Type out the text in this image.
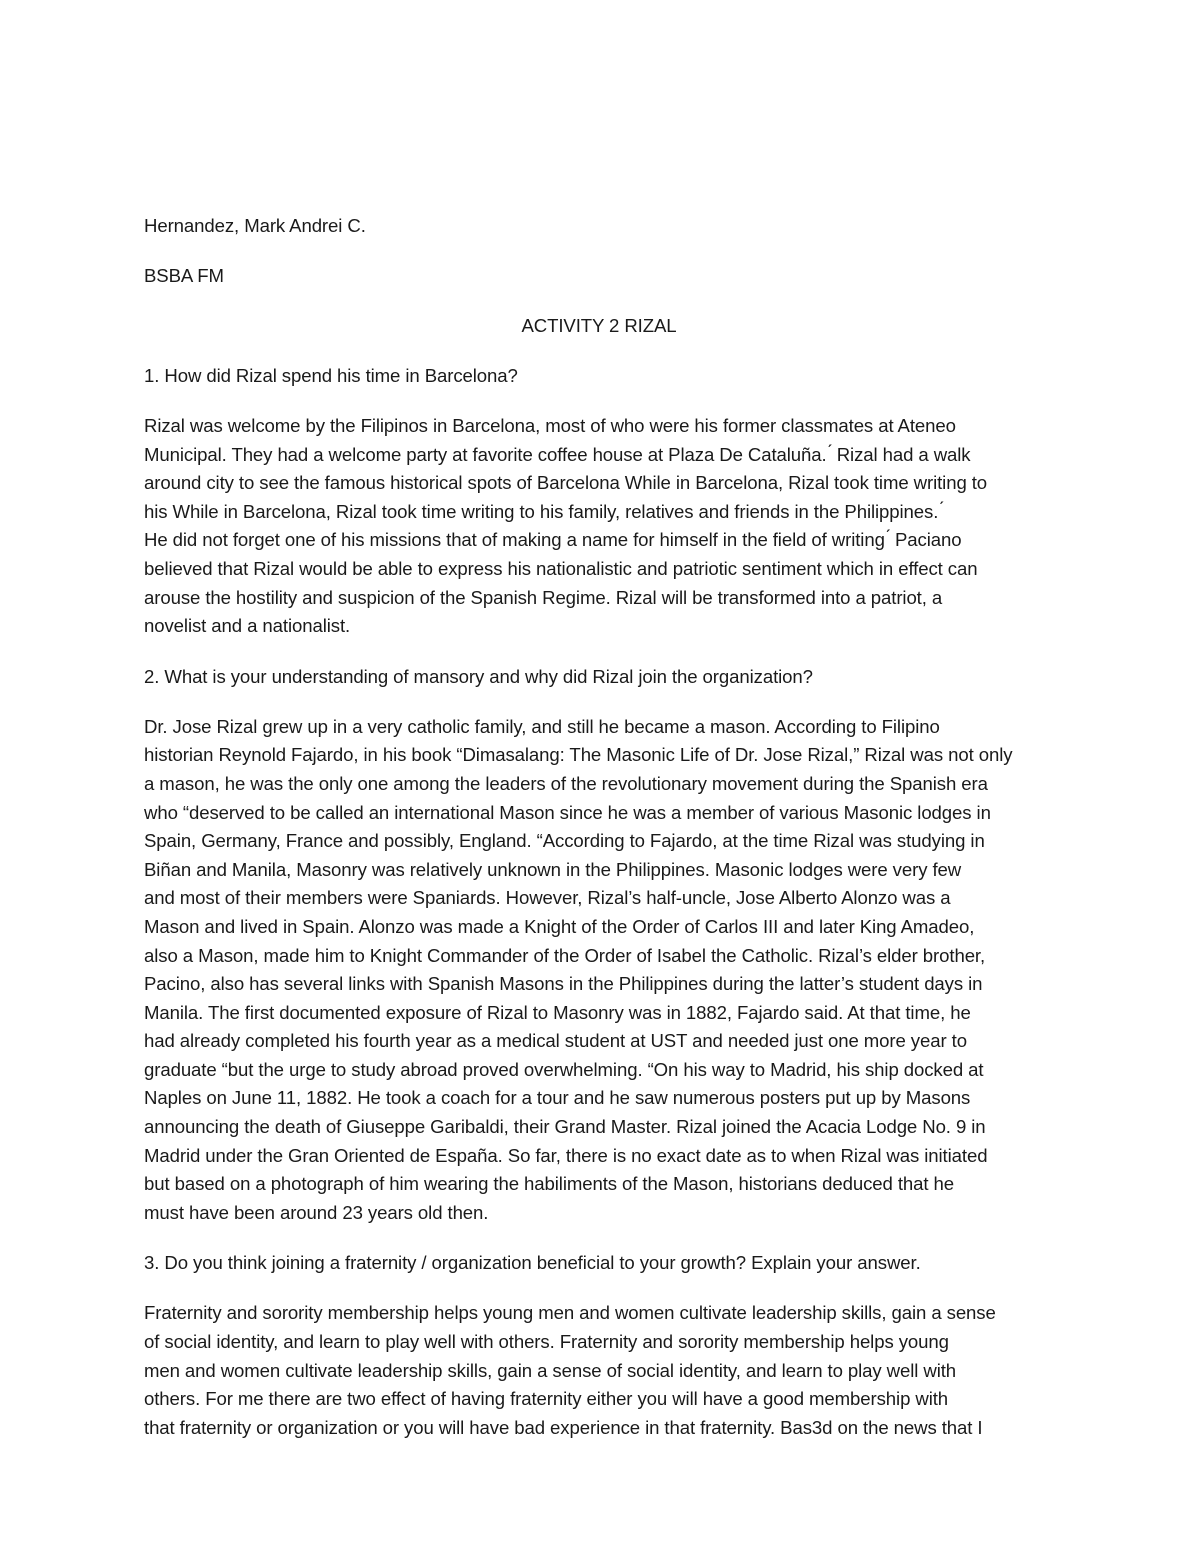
Hernandez, Mark Andrei C.
BSBA FM
ACTIVITY 2 RIZAL
1. How did Rizal spend his time in Barcelona?
Rizal was welcome by the Filipinos in Barcelona, most of who were his former classmates at Ateneo
Municipal. They had a welcome party at favorite coffee house at Plaza De Cataluña. ́ Rizal had a walk
around city to see the famous historical spots of Barcelona While in Barcelona, Rizal took time writing to
his While in Barcelona, Rizal took time writing to his family, relatives and friends in the Philippines. ́
He did not forget one of his missions that of making a name for himself in the field of writing ́ Paciano
believed that Rizal would be able to express his nationalistic and patriotic sentiment which in effect can
arouse the hostility and suspicion of the Spanish Regime. Rizal will be transformed into a patriot, a
novelist and a nationalist.
2. What is your understanding of mansory and why did Rizal join the organization?
Dr. Jose Rizal grew up in a very catholic family, and still he became a mason. According to Filipino
historian Reynold Fajardo, in his book “Dimasalang: The Masonic Life of Dr. Jose Rizal,” Rizal was not only
a mason, he was the only one among the leaders of the revolutionary movement during the Spanish era
who “deserved to be called an international Mason since he was a member of various Masonic lodges in
Spain, Germany, France and possibly, England. “According to Fajardo, at the time Rizal was studying in
Biñan and Manila, Masonry was relatively unknown in the Philippines. Masonic lodges were very few
and most of their members were Spaniards. However, Rizal’s half-uncle, Jose Alberto Alonzo was a
Mason and lived in Spain. Alonzo was made a Knight of the Order of Carlos III and later King Amadeo,
also a Mason, made him to Knight Commander of the Order of Isabel the Catholic. Rizal’s elder brother,
Pacino, also has several links with Spanish Masons in the Philippines during the latter’s student days in
Manila. The first documented exposure of Rizal to Masonry was in 1882, Fajardo said. At that time, he
had already completed his fourth year as a medical student at UST and needed just one more year to
graduate “but the urge to study abroad proved overwhelming. “On his way to Madrid, his ship docked at
Naples on June 11, 1882. He took a coach for a tour and he saw numerous posters put up by Masons
announcing the death of Giuseppe Garibaldi, their Grand Master. Rizal joined the Acacia Lodge No. 9 in
Madrid under the Gran Oriented de España. So far, there is no exact date as to when Rizal was initiated
but based on a photograph of him wearing the habiliments of the Mason, historians deduced that he
must have been around 23 years old then.
3. Do you think joining a fraternity / organization beneficial to your growth? Explain your answer.
Fraternity and sorority membership helps young men and women cultivate leadership skills, gain a sense
of social identity, and learn to play well with others. Fraternity and sorority membership helps young
men and women cultivate leadership skills, gain a sense of social identity, and learn to play well with
others. For me there are two effect of having fraternity either you will have a good membership with
that fraternity or organization or you will have bad experience in that fraternity. Bas3d on the news that I
